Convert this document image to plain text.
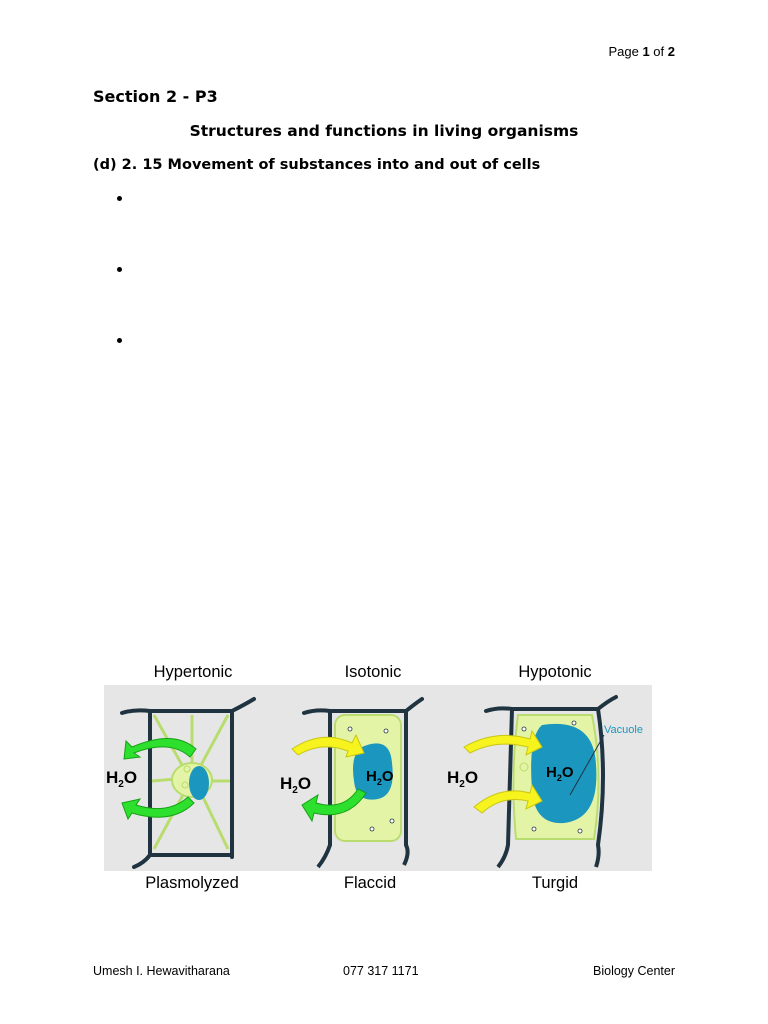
Page 1 of 2
Section 2 - P3
Structures and functions in living organisms
(d) 2. 15 Movement of substances into and out of cells
Hypertonic	Isotonic	Hypotonic
Plasmolyzed	Flaccid	Turgid
$H_2O$	$H_2O$
Vacuole
$H_2O$	$H_2O$	$H_2O$
Umesh I. Hewavitharana	077 317 1171	Biology Center
